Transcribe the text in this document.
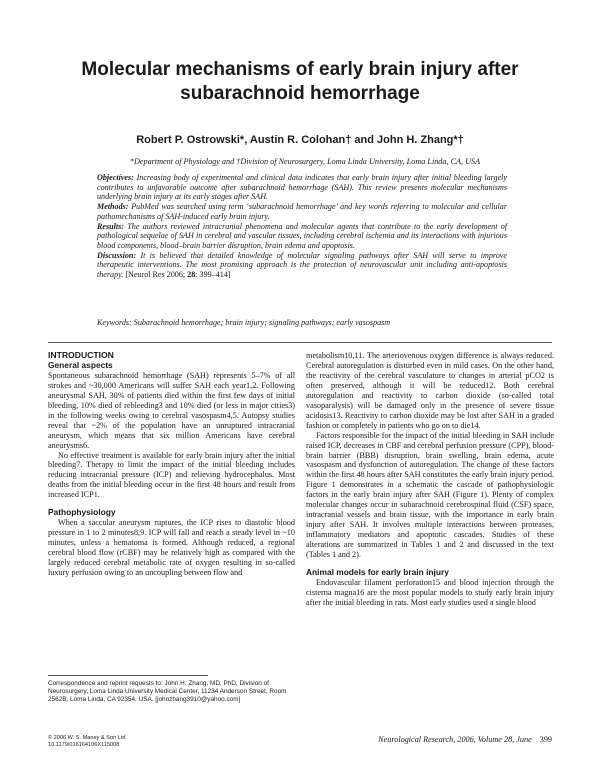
Molecular mechanisms of early brain injury after subarachnoid hemorrhage
Robert P. Ostrowski*, Austin R. Colohan† and John H. Zhang*†
*Department of Physiology and †Division of Neurosurgery, Loma Linda University, Loma Linda, CA, USA

Objectives: Increasing body of experimental and clinical data indicates that early brain injury after initial bleeding largely contributes to unfavorable outcome after subarachnoid hemorrhage (SAH). This review presents molecular mechanisms underlying brain injury at its early stages after SAH.

Methods: PubMed was searched using term ‘subarachnoid hemorrhage’ and key words referring to molecular and cellular pathomechanisms of SAH-induced early brain injury.

Results: The authors reviewed intracranial phenomena and molecular agents that contribute to the early development of pathological sequelae of SAH in cerebral and vascular tissues, including cerebral ischemia and its interactions with injurious blood components, blood–brain barrier disruption, brain edema and apoptosis.

Discussion: It is believed that detailed knowledge of molecular signaling pathways after SAH will serve to improve therapeutic interventions. The most promising approach is the protection of neurovascular unit including anti-apoptosis therapy. [Neurol Res 2006; 28: 399–414]

Keywords: Subarachnoid hemorrhage; brain injury; signaling pathways; early vasospasm

INTRODUCTION

General aspects

Spontaneous subarachnoid hemorrhage (SAH) represents 5–7% of all strokes and ~30,000 Americans will suffer SAH each year1,2. Following aneurysmal SAH, 30% of patients died within the first few days of initial bleeding, 10% died of rebleeding3 and 10% died (or less in major cities3) in the following weeks owing to cerebral vasospasm4,5. Autopsy studies reveal that ~2% of the population have an unruptured intracranial aneurysm, which means that six million Americans have cerebral aneurysms6.

No effective treatment is available for early brain injury after the initial bleeding7. Therapy to limit the impact of the initial bleeding includes reducing intracranial pressure (ICP) and relieving hydrocephalus. Most deaths from the initial bleeding occur in the first 48 hours and result from increased ICP1.

Pathophysiology

When a saccular aneurysm ruptures, the ICP rises to diastolic blood pressure in 1 to 2 minutes8,9. ICP will fall and reach a steady level in ~10 minutes, unless a hematoma is formed. Although reduced, a regional cerebral blood flow (rCBF) may be relatively high as compared with the largely reduced cerebral metabolic rate of oxygen resulting in so-called luxury perfusion owing to an uncoupling between flow and

metabolism10,11. The arteriovenous oxygen difference is always reduced. Cerebral autoregulation is disturbed even in mild cases. On the other hand, the reactivity of the cerebral vasculature to changes in arterial pCO2 is often preserved, although it will be reduced12. Both cerebral autoregulation and reactivity to carbon dioxide (so-called total vasoparalysis) will be damaged only in the presence of severe tissue acidosis13. Reactivity to carbon dioxide may be lost after SAH in a graded fashion or completely in patients who go on to die14.

Factors responsible for the impact of the initial bleeding in SAH include raised ICP, decreases in CBF and cerebral perfusion pressure (CPP), blood-brain barrier (BBB) disruption, brain swelling, brain edema, acute vasospasm and dysfunction of autoregulation. The change of these factors within the first 48 hours after SAH constitutes the early brain injury period. Figure 1 demonstrates in a schematic the cascade of pathophysiologic factors in the early brain injury after SAH (Figure 1). Plenty of complex molecular changes occur in subarachnoid cerebrospinal fluid (CSF) space, intracranial vessels and brain tissue, with the importance in early brain injury after SAH. It involves multiple interactions between proteases, inflammatory mediators and apoptotic cascades. Studies of these alterations are summarized in Tables 1 and 2 and discussed in the text (Tables 1 and 2).

Animal models for early brain injury

Endovascular filament perforation15 and blood injection through the cisterna magna16 are the most popular models to study early brain injury after the initial bleeding in rats. Most early studies used a single blood

Correspondence and reprint requests to: John H. Zhang, MD, PhD, Division of Neurosurgery, Loma Linda University Medical Center, 11234 Anderson Street, Room 2562B, Loma Linda, CA 92354, USA. [johnzhang3910@yahoo.com]
© 2006 W. S. Maney & Son Ltd
10.1179/016164106X115008
Neurological Research, 2006, Volume 28, June 399
